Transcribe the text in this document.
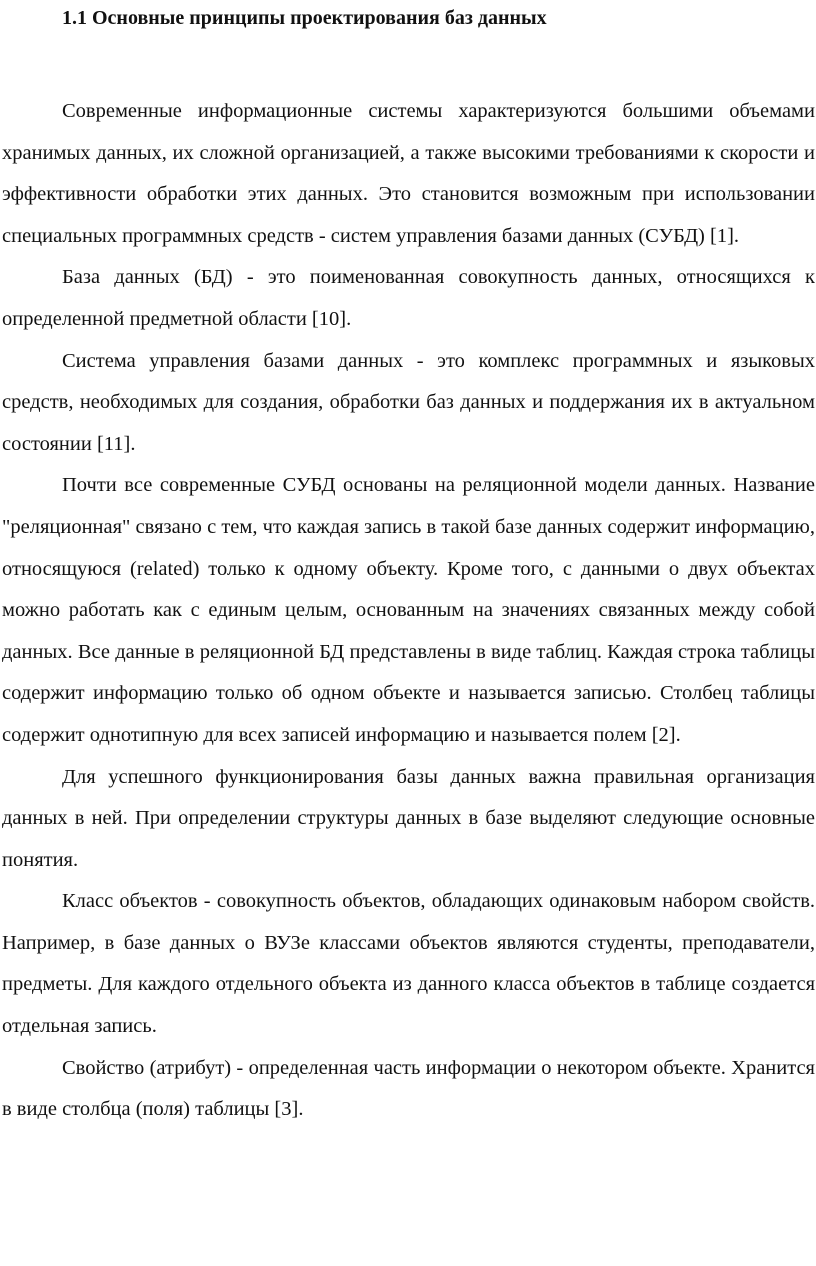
1.1 Основные принципы проектирования баз данных

Современные информационные системы характеризуются большими объемами хранимых данных, их сложной организацией, а также высокими требованиями к скорости и эффективности обработки этих данных. Это становится возможным при использовании специальных программных средств - систем управления базами данных (СУБД) [1].

База данных (БД) - это поименованная совокупность данных, относящихся к определенной предметной области [10].

Система управления базами данных - это комплекс программных и языковых средств, необходимых для создания, обработки баз данных и поддержания их в актуальном состоянии [11].

Почти все современные СУБД основаны на реляционной модели данных. Название "реляционная" связано с тем, что каждая запись в такой базе данных содержит информацию, относящуюся (related) только к одному объекту. Кроме того, с данными о двух объектах можно работать как с единым целым, основанным на значениях связанных между собой данных. Все данные в реляционной БД представлены в виде таблиц. Каждая строка таблицы содержит информацию только об одном объекте и называется записью. Столбец таблицы содержит однотипную для всех записей информацию и называется полем [2].

Для успешного функционирования базы данных важна правильная организация данных в ней. При определении структуры данных в базе выделяют следующие основные понятия.

Класс объектов - совокупность объектов, обладающих одинаковым набором свойств. Например, в базе данных о ВУЗе классами объектов являются студенты, преподаватели, предметы. Для каждого отдельного объекта из данного класса объектов в таблице создается отдельная запись.

Свойство (атрибут) - определенная часть информации о некотором объекте. Хранится в виде столбца (поля) таблицы [3].
